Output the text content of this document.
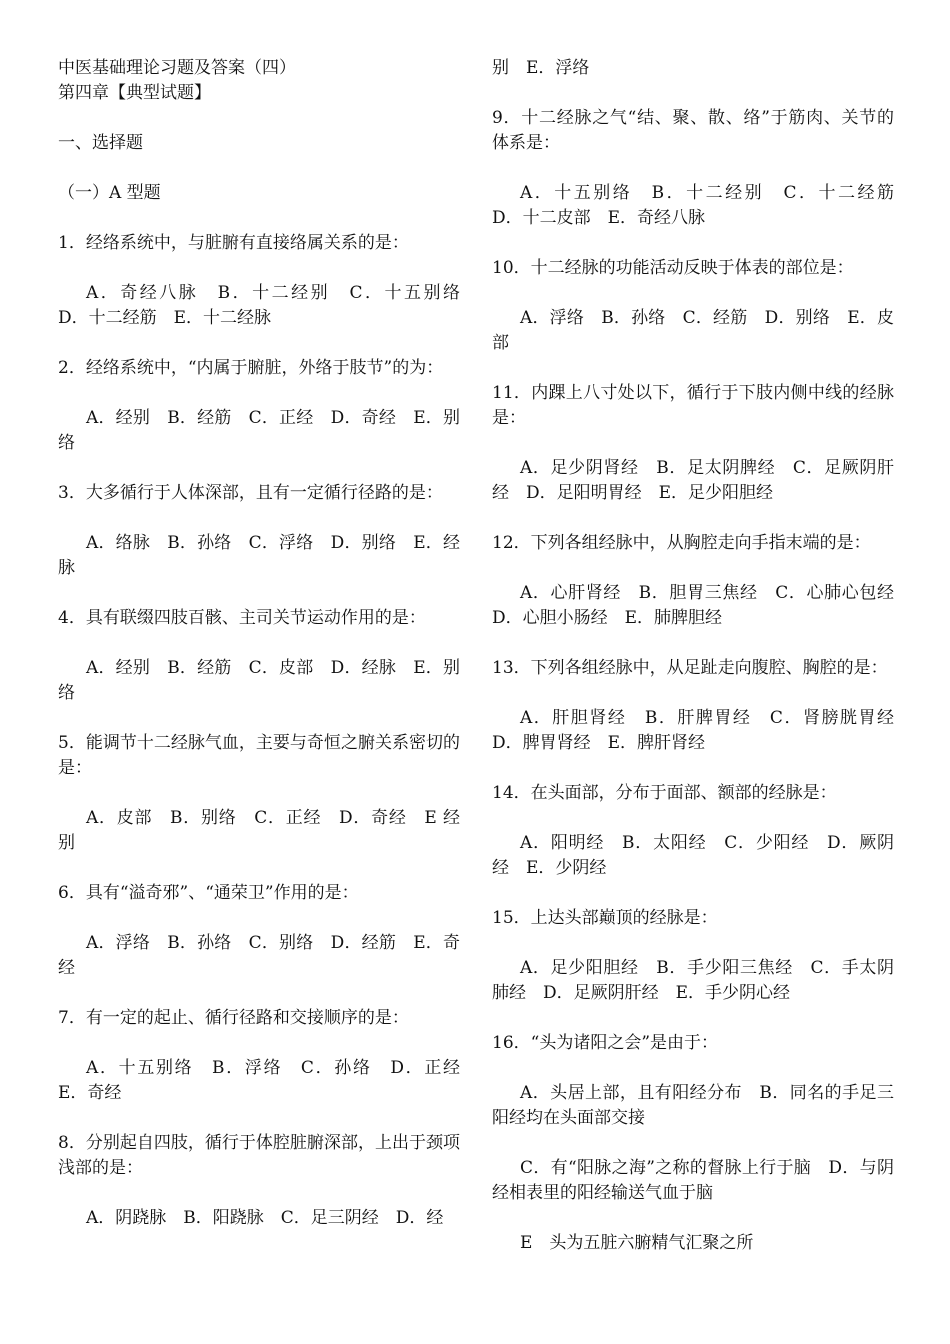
中医基础理论习题及答案（四）

第四章【典型试题】

一、选择题

（一）A 型题

1．经络系统中，与脏腑有直接络属关系的是：

A．奇经八脉　B．十二经别　C．十五别络　D．十二经筋　E．十二经脉

2．经络系统中，“内属于腑脏，外络于肢节”的为：

A．经别　B．经筋　C．正经　D．奇经　E．别络

3．大多循行于人体深部，且有一定循行径路的是：

A．络脉　B．孙络　C．浮络　D．别络　E．经脉

4．具有联缀四肢百骸、主司关节运动作用的是：

A．经别　B．经筋　C．皮部　D．经脉　E．别络

5．能调节十二经脉气血，主要与奇恒之腑关系密切的是：

A．皮部　B．别络　C．正经　D．奇经　E 经别

6．具有“溢奇邪”、“通荣卫”作用的是：

A．浮络　B．孙络　C．别络　D．经筋　E．奇经

7．有一定的起止、循行径路和交接顺序的是：

A．十五别络　B．浮络　C．孙络　D．正经　E．奇经

8．分别起自四肢，循行于体腔脏腑深部，上出于颈项浅部的是：

A．阴跷脉　B．阳跷脉　C．足三阴经　D．经

别　E．浮络

9．十二经脉之气“结、聚、散、络”于筋肉、关节的体系是：

A．十五别络　B．十二经别　C．十二经筋　D．十二皮部　E．奇经八脉

10．十二经脉的功能活动反映于体表的部位是：

A．浮络　B．孙络　C．经筋　D．别络　E．皮部

11．内踝上八寸处以下，循行于下肢内侧中线的经脉是：

A．足少阴肾经　B．足太阴脾经　C．足厥阴肝经　D．足阳明胃经　E．足少阳胆经

12．下列各组经脉中，从胸腔走向手指末端的是：

A．心肝肾经　B．胆胃三焦经　C．心肺心包经　D．心胆小肠经　E．肺脾胆经

13．下列各组经脉中，从足趾走向腹腔、胸腔的是：

A．肝胆肾经　B．肝脾胃经　C．肾膀胱胃经　D．脾胃肾经　E．脾肝肾经

14．在头面部，分布于面部、额部的经脉是：

A．阳明经　B．太阳经　C．少阳经　D．厥阴经　E．少阴经

15．上达头部巅顶的经脉是：

A．足少阳胆经　B．手少阳三焦经　C．手太阴肺经　D．足厥阴肝经　E．手少阴心经

16．“头为诸阳之会”是由于：

A．头居上部，且有阳经分布　B．同名的手足三阳经均在头面部交接

C．有“阳脉之海”之称的督脉上行于脑　D．与阴经相表里的阳经输送气血于脑

E　头为五脏六腑精气汇聚之所
